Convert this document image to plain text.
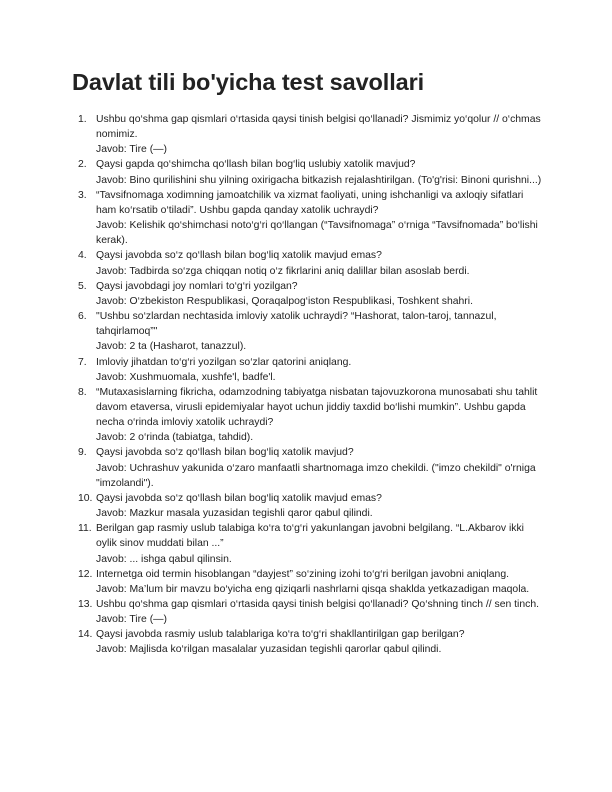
Davlat tili bo'yicha test savollari
1. Ushbu qo‘shma gap qismlari o‘rtasida qaysi tinish belgisi qo‘llanadi? Jismimiz yo‘qolur // o‘chmas nomimiz.
Javob: Tire (—)
2. Qaysi gapda qo‘shimcha qo‘llash bilan bog‘liq uslubiy xatolik mavjud?
Javob: Bino qurilishini shu yilning oxirigacha bitkazish rejalashtirilgan. (To'g'risi: Binoni qurishni...)
3. “Tavsifnomaga xodimning jamoatchilik va xizmat faoliyati, uning ishchanligi va axloqiy sifatlari ham ko‘rsatib o‘tiladi”. Ushbu gapda qanday xatolik uchraydi?
Javob: Kelishik qo‘shimchasi noto‘g‘ri qo‘llangan (“Tavsifnomaga” o‘rniga “Tavsifnomada” bo‘lishi kerak).
4. Qaysi javobda so‘z qo‘llash bilan bog‘liq xatolik mavjud emas?
Javob: Tadbirda so‘zga chiqqan notiq o‘z fikrlarini aniq dalillar bilan asoslab berdi.
5. Qaysi javobdagi joy nomlari to‘g‘ri yozilgan?
Javob: O‘zbekiston Respublikasi, Qoraqalpog‘iston Respublikasi, Toshkent shahri.
6. "Ushbu so‘zlardan nechtasida imloviy xatolik uchraydi? “Hashorat, talon-taroj, tannazul, tahqirlamoq”"
Javob: 2 ta (Hasharot, tanazzul).
7. Imloviy jihatdan to‘g‘ri yozilgan so‘zlar qatorini aniqlang.
Javob: Xushmuomala, xushfe'l, badfe'l.
8. “Mutaxasislarning fikricha, odamzodning tabiyatga nisbatan tajovuzkorona munosabati shu tahlit davom etaversa, virusli epidemiyalar hayot uchun jiddiy taxdid bo‘lishi mumkin”. Ushbu gapda necha o‘rinda imloviy xatolik uchraydi?
Javob: 2 o‘rinda (tabiatga, tahdid).
9. Qaysi javobda so‘z qo‘llash bilan bog‘liq xatolik mavjud?
Javob: Uchrashuv yakunida o‘zaro manfaatli shartnomaga imzo chekildi. ("imzo chekildi" o'rniga "imzolandi").
10. Qaysi javobda so‘z qo‘llash bilan bog‘liq xatolik mavjud emas?
Javob: Mazkur masala yuzasidan tegishli qaror qabul qilindi.
11. Berilgan gap rasmiy uslub talabiga ko‘ra to‘g‘ri yakunlangan javobni belgilang. “L.Akbarov ikki oylik sinov muddati bilan ...”
Javob: ... ishga qabul qilinsin.
12. Internetga oid termin hisoblangan “dayjest” so‘zining izohi to‘g‘ri berilgan javobni aniqlang.
Javob: Ma’lum bir mavzu bo‘yicha eng qiziqarli nashrlarni qisqa shaklda yetkazadigan maqola.
13. Ushbu qo‘shma gap qismlari o‘rtasida qaysi tinish belgisi qo‘llanadi? Qo‘shning tinch // sen tinch.
Javob: Tire (—)
14. Qaysi javobda rasmiy uslub talablariga ko‘ra to‘g‘ri shakllantirilgan gap berilgan?
Javob: Majlisda ko‘rilgan masalalar yuzasidan tegishli qarorlar qabul qilindi.
